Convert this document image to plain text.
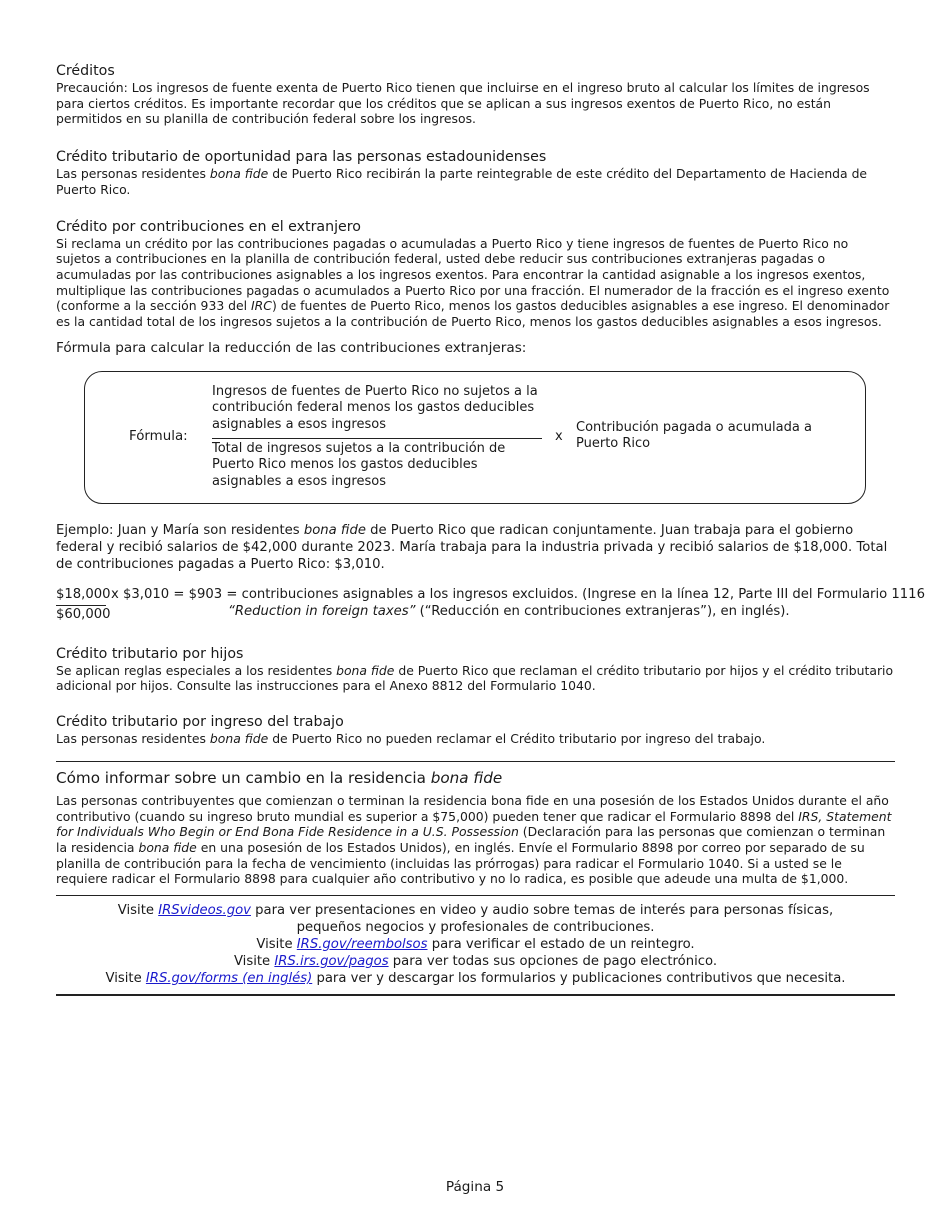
Créditos

Precaución: Los ingresos de fuente exenta de Puerto Rico tienen que incluirse en el ingreso bruto al calcular los límites de ingresos para ciertos créditos. Es importante recordar que los créditos que se aplican a sus ingresos exentos de Puerto Rico, no están permitidos en su planilla de contribución federal sobre los ingresos.

Crédito tributario de oportunidad para las personas estadounidenses

Las personas residentes bona fide de Puerto Rico recibirán la parte reintegrable de este crédito del Departamento de Hacienda de Puerto Rico.

Crédito por contribuciones en el extranjero

Si reclama un crédito por las contribuciones pagadas o acumuladas a Puerto Rico y tiene ingresos de fuentes de Puerto Rico no sujetos a contribuciones en la planilla de contribución federal, usted debe reducir sus contribuciones extranjeras pagadas o acumuladas por las contribuciones asignables a los ingresos exentos. Para encontrar la cantidad asignable a los ingresos exentos, multiplique las contribuciones pagadas o acumulados a Puerto Rico por una fracción. El numerador de la fracción es el ingreso exento (conforme a la sección 933 del IRC) de fuentes de Puerto Rico, menos los gastos deducibles asignables a ese ingreso. El denominador es la cantidad total de los ingresos sujetos a la contribución de Puerto Rico, menos los gastos deducibles asignables a esos ingresos.

Fórmula para calcular la reducción de las contribuciones extranjeras:

Fórmula:
Ingresos de fuentes de Puerto Rico no sujetos a la contribución federal menos los gastos deducibles asignables a esos ingresos
Total de ingresos sujetos a la contribución de Puerto Rico menos los gastos deducibles asignables a esos ingresos
x
Contribución pagada o acumulada a Puerto Rico

Ejemplo: Juan y María son residentes bona fide de Puerto Rico que radican conjuntamente. Juan trabaja para el gobierno federal y recibió salarios de $42,000 durante 2023. María trabaja para la industria privada y recibió salarios de $18,000. Total de contribuciones pagadas a Puerto Rico: $3,010.

$18,000
$60,000
x $3,010 = $903 = contribuciones asignables a los ingresos excluidos. (Ingrese en la línea 12, Parte III del Formulario 1116
“Reduction in foreign taxes” (“Reducción en contribuciones extranjeras”), en inglés).
Crédito tributario por hijos

Se aplican reglas especiales a los residentes bona fide de Puerto Rico que reclaman el crédito tributario por hijos y el crédito tributario adicional por hijos. Consulte las instrucciones para el Anexo 8812 del Formulario 1040.

Crédito tributario por ingreso del trabajo

Las personas residentes bona fide de Puerto Rico no pueden reclamar el Crédito tributario por ingreso del trabajo.

Cómo informar sobre un cambio en la residencia bona fide

Las personas contribuyentes que comienzan o terminan la residencia bona fide en una posesión de los Estados Unidos durante el año contributivo (cuando su ingreso bruto mundial es superior a $75,000) pueden tener que radicar el Formulario 8898 del IRS, Statement for Individuals Who Begin or End Bona Fide Residence in a U.S. Possession (Declaración para las personas que comienzan o terminan la residencia bona fide en una posesión de los Estados Unidos), en inglés. Envíe el Formulario 8898 por correo por separado de su planilla de contribución para la fecha de vencimiento (incluidas las prórrogas) para radicar el Formulario 1040. Si a usted se le requiere radicar el Formulario 8898 para cualquier año contributivo y no lo radica, es posible que adeude una multa de $1,000.

Visite IRSvideos.gov para ver presentaciones en video y audio sobre temas de interés para personas físicas,
pequeños negocios y profesionales de contribuciones.
Visite IRS.gov/reembolsos para verificar el estado de un reintegro.
Visite IRS.irs.gov/pagos para ver todas sus opciones de pago electrónico.
Visite IRS.gov/forms (en inglés) para ver y descargar los formularios y publicaciones contributivos que necesita.
Página 5
